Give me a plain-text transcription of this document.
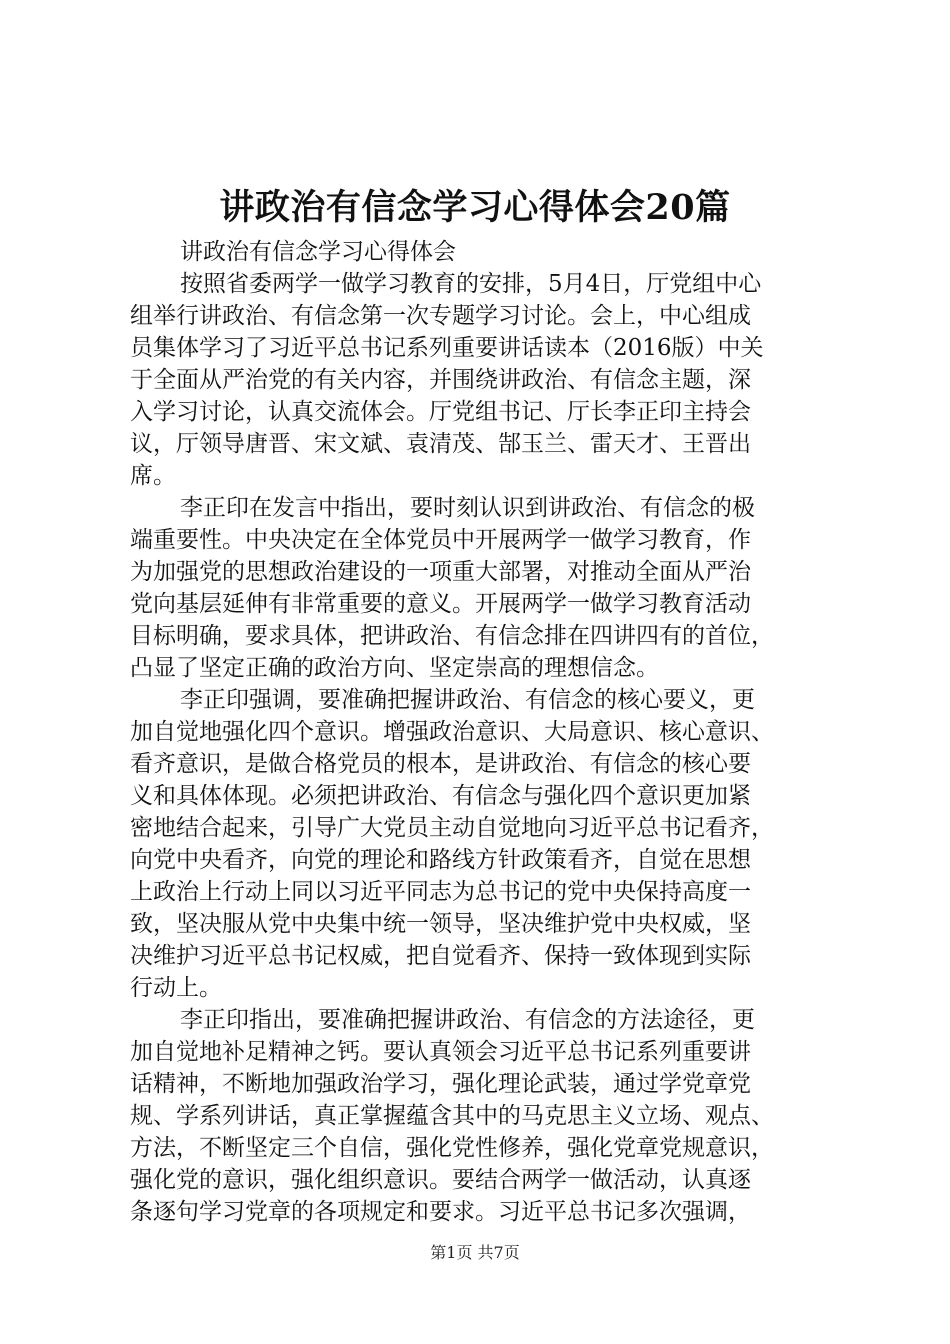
讲政治有信念学习心得体会20篇
讲政治有信念学习心得体会
按照省委两学一做学习教育的安排，5月4日，厅党组中心
组举行讲政治、有信念第一次专题学习讨论。会上，中心组成
员集体学习了习近平总书记系列重要讲话读本（2016版）中关
于全面从严治党的有关内容，并围绕讲政治、有信念主题，深
入学习讨论，认真交流体会。厅党组书记、厅长李正印主持会
议，厅领导唐晋、宋文斌、袁清茂、郜玉兰、雷天才、王晋出
席。
李正印在发言中指出，要时刻认识到讲政治、有信念的极
端重要性。中央决定在全体党员中开展两学一做学习教育，作
为加强党的思想政治建设的一项重大部署，对推动全面从严治
党向基层延伸有非常重要的意义。开展两学一做学习教育活动
目标明确，要求具体，把讲政治、有信念排在四讲四有的首位，
凸显了坚定正确的政治方向、坚定崇高的理想信念。
李正印强调，要准确把握讲政治、有信念的核心要义，更
加自觉地强化四个意识。增强政治意识、大局意识、核心意识、
看齐意识，是做合格党员的根本，是讲政治、有信念的核心要
义和具体体现。必须把讲政治、有信念与强化四个意识更加紧
密地结合起来，引导广大党员主动自觉地向习近平总书记看齐，
向党中央看齐，向党的理论和路线方针政策看齐，自觉在思想
上政治上行动上同以习近平同志为总书记的党中央保持高度一
致，坚决服从党中央集中统一领导，坚决维护党中央权威，坚
决维护习近平总书记权威，把自觉看齐、保持一致体现到实际
行动上。
李正印指出，要准确把握讲政治、有信念的方法途径，更
加自觉地补足精神之钙。要认真领会习近平总书记系列重要讲
话精神，不断地加强政治学习，强化理论武装，通过学党章党
规、学系列讲话，真正掌握蕴含其中的马克思主义立场、观点、
方法，不断坚定三个自信，强化党性修养，强化党章党规意识，
强化党的意识，强化组织意识。要结合两学一做活动，认真逐
条逐句学习党章的各项规定和要求。习近平总书记多次强调，
第1页 共7页
